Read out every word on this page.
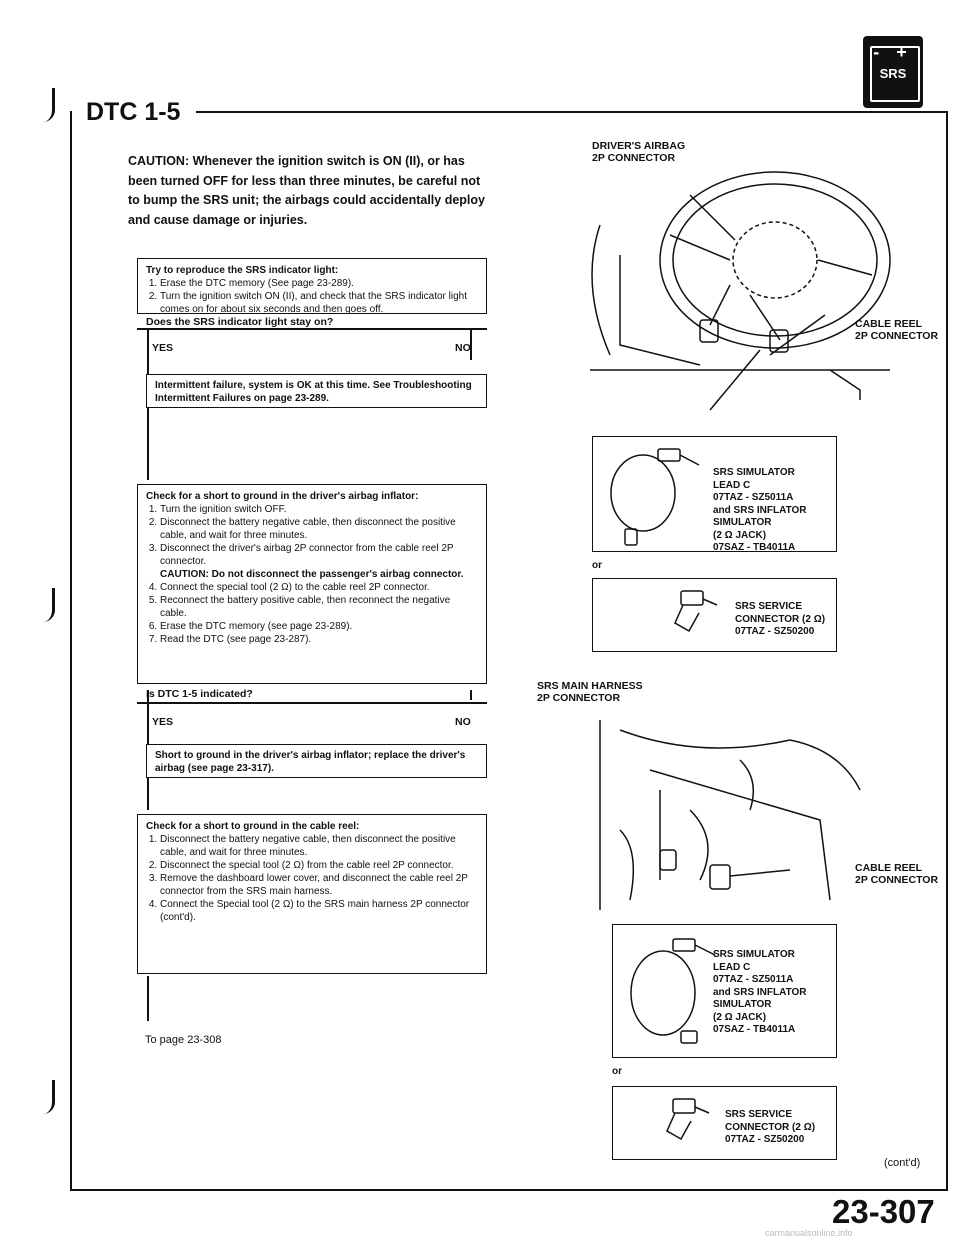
- +
SRS
DTC 1-5
CAUTION: Whenever the ignition switch is ON (II), or has been turned OFF for less than three minutes, be careful not to bump the SRS unit; the airbags could accidentally deploy and cause damage or injuries.
Try to reproduce the SRS indicator light:
1. Erase the DTC memory (See page 23-289).
2. Turn the ignition switch ON (II), and check that the SRS indicator light comes on for about six seconds and then goes off.
Does the SRS indicator light stay on?
YES	NO
Intermittent failure, system is OK at this time. See Troubleshooting Intermittent Failures on page 23-289.
Check for a short to ground in the driver's airbag inflator:
1. Turn the ignition switch OFF.
2. Disconnect the battery negative cable, then disconnect the positive cable, and wait for three minutes.
3. Disconnect the driver's airbag 2P connector from the cable reel 2P connector.
CAUTION: Do not disconnect the passenger's airbag connector.
4. Connect the special tool (2 Ω) to the cable reel 2P connector.
5. Reconnect the battery positive cable, then reconnect the negative cable.
6. Erase the DTC memory (see page 23-289).
7. Read the DTC (see page 23-287).
Is DTC 1-5 indicated?
YES	NO
Short to ground in the driver's airbag inflator; replace the driver's airbag (see page 23-317).
Check for a short to ground in the cable reel:
1. Disconnect the battery negative cable, then disconnect the positive cable, and wait for three minutes.
2. Disconnect the special tool (2 Ω) from the cable reel 2P connector.
3. Remove the dashboard lower cover, and disconnect the cable reel 2P connector from the SRS main harness.
4. Connect the Special tool (2 Ω) to the SRS main harness 2P connector (cont'd).
To page 23-308
DRIVER'S AIRBAG
2P CONNECTOR
CABLE REEL
2P CONNECTOR
SRS SIMULATOR
LEAD C
07TAZ - SZ5011A
and SRS INFLATOR
SIMULATOR
(2 Ω JACK)
07SAZ - TB4011A
or
SRS SERVICE
CONNECTOR (2 Ω)
07TAZ - SZ50200
SRS MAIN HARNESS
2P CONNECTOR
CABLE REEL
2P CONNECTOR
SRS SIMULATOR
LEAD C
07TAZ - SZ5011A
and SRS INFLATOR
SIMULATOR
(2 Ω JACK)
07SAZ - TB4011A
or
SRS SERVICE
CONNECTOR (2 Ω)
07TAZ - SZ50200
(cont'd)
23-307
carmanualsonline.info
